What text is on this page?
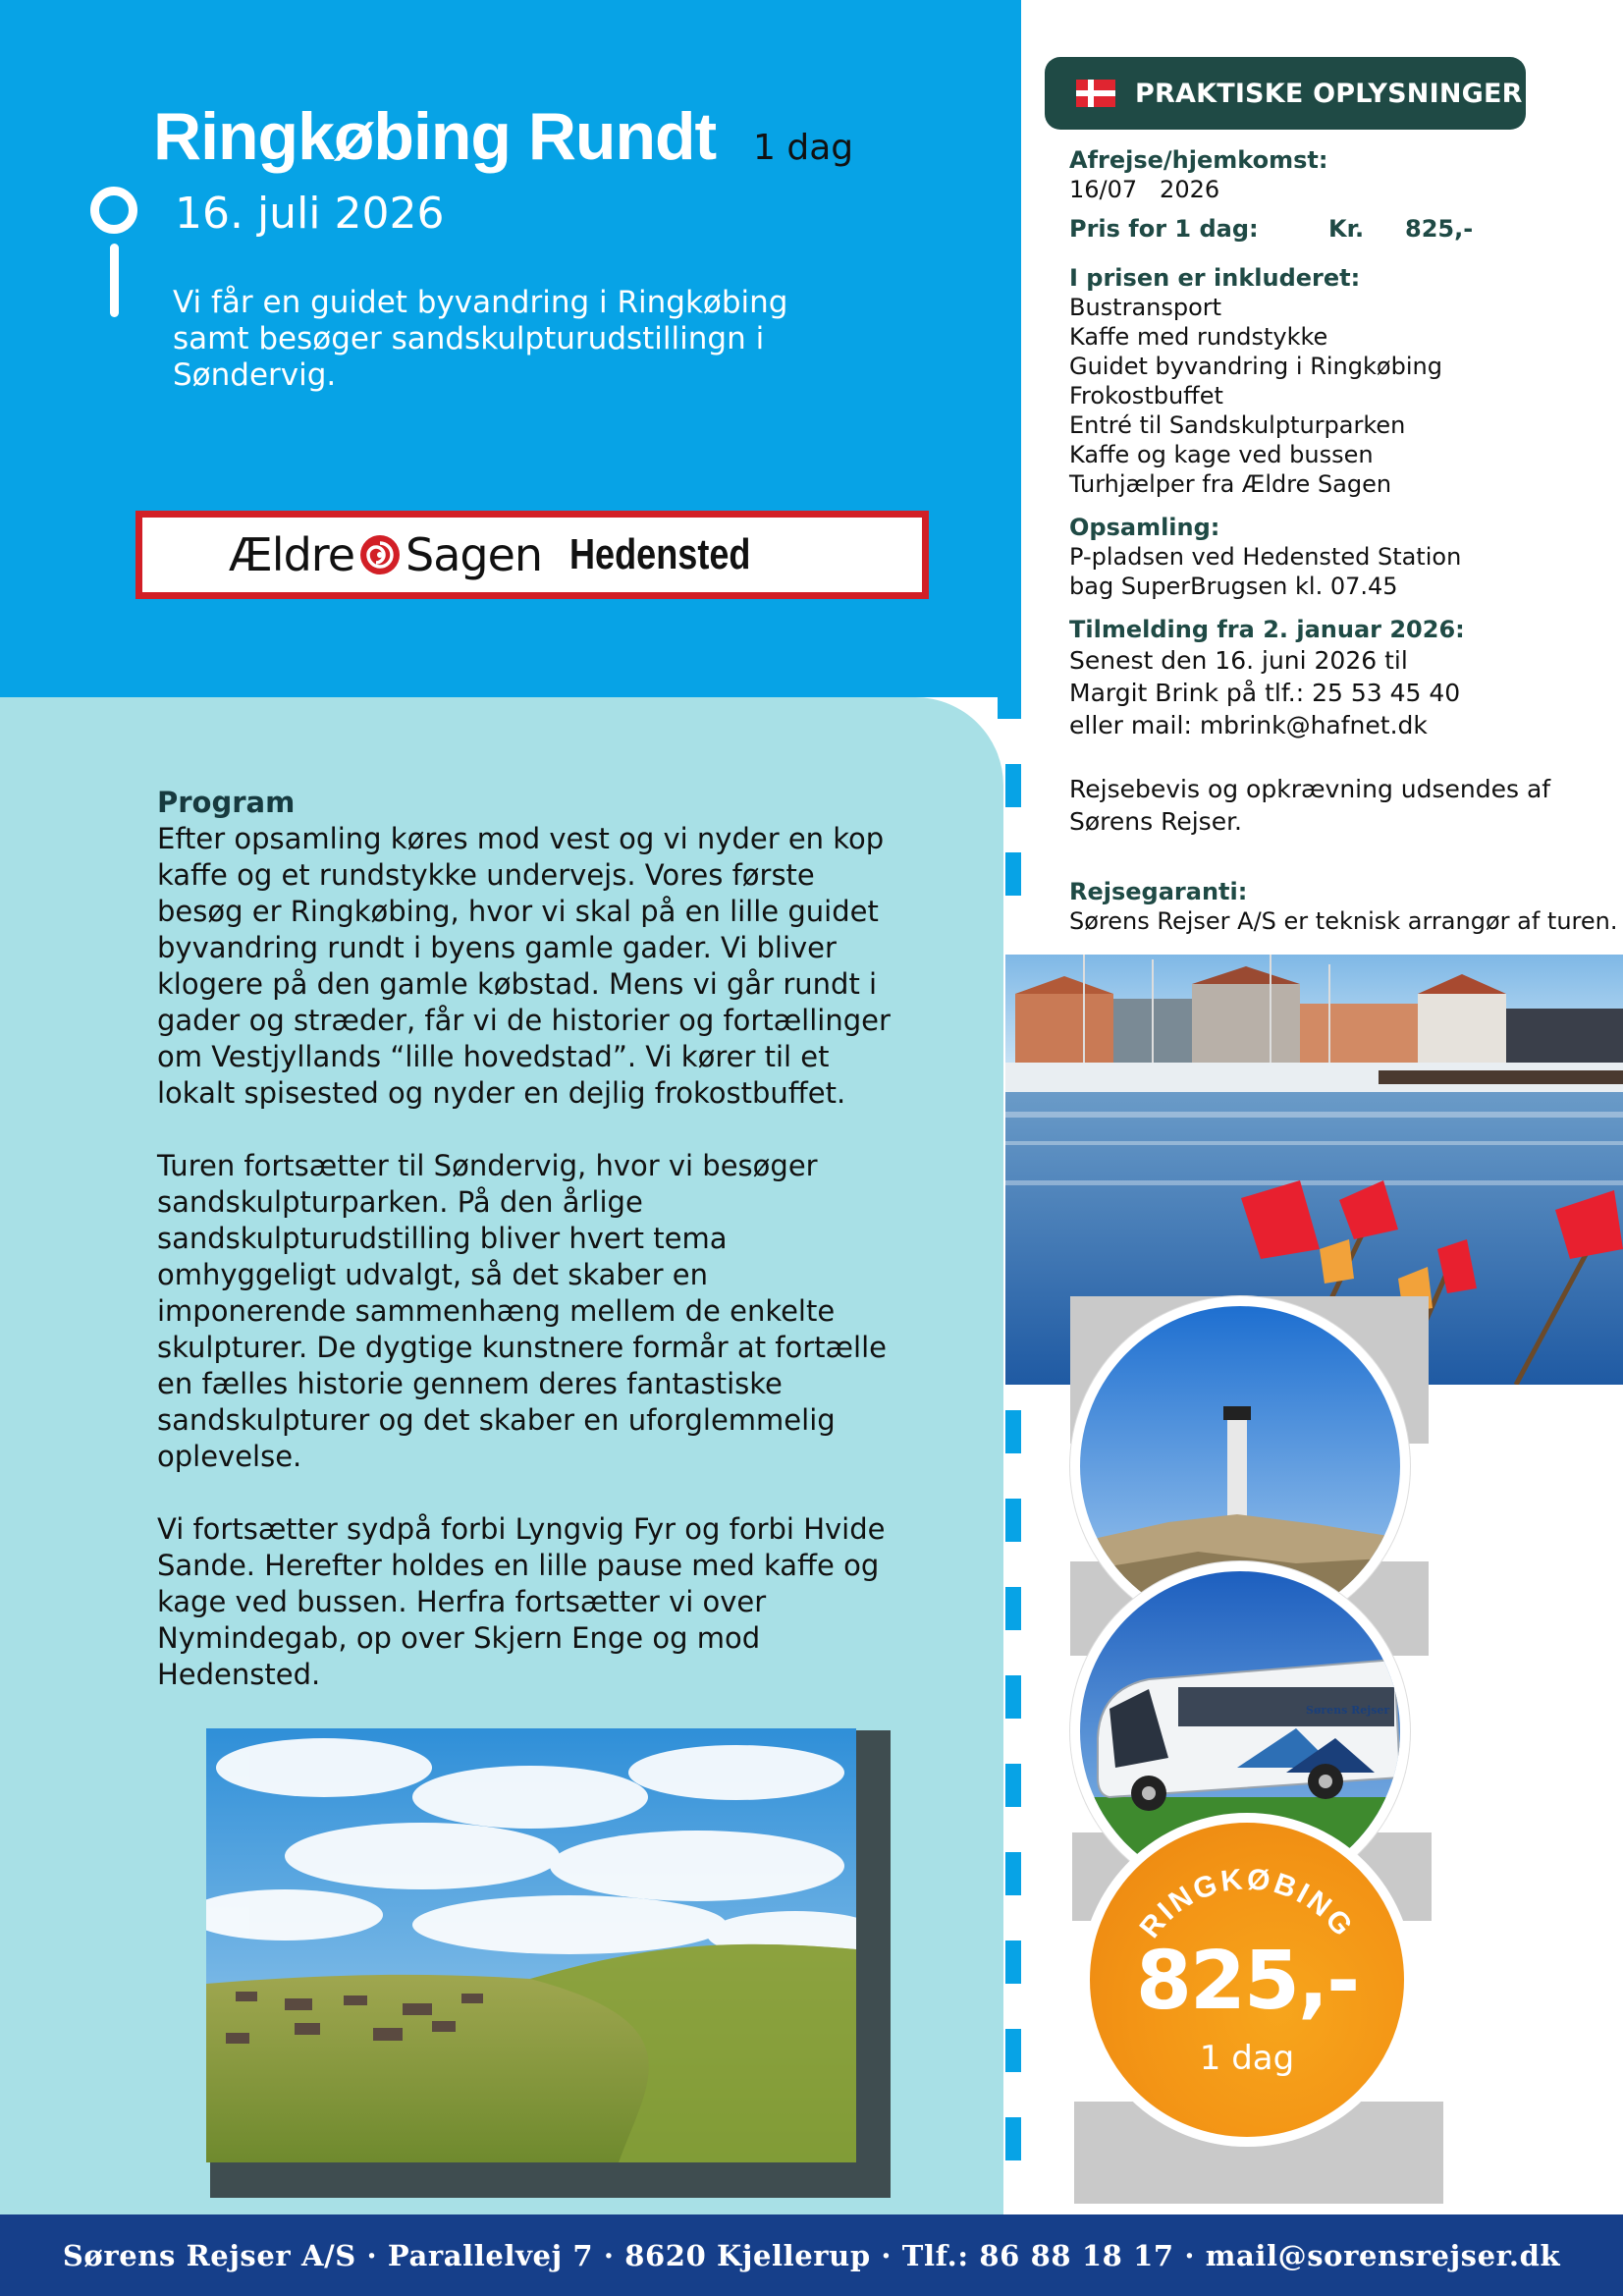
Ringkøbing Rundt 1 dag
16. juli 2026
Vi får en guidet byvandring i Ringkøbing samt besøger sandskulpturudstillingn i Søndervig.
Ældre Sagen Hedensted
Program

Efter opsamling køres mod vest og vi nyder en kop kaffe og et rundstykke undervejs. Vores første besøg er Ringkøbing, hvor vi skal på en lille guidet byvandring rundt i byens gamle gader. Vi bliver klogere på den gamle købstad. Mens vi går rundt i gader og stræder, får vi de historier og fortællinger om Vestjyllands “lille hovedstad”. Vi kører til et lokalt spisested og nyder en dejlig frokostbuffet.

Turen fortsætter til Søndervig, hvor vi besøger sandskulpturparken. På den årlige sandskulpturudstilling bliver hvert tema omhyggeligt udvalgt, så det skaber en imponerende sammenhæng mellem de enkelte skulpturer. De dygtige kunstnere formår at fortælle en fælles historie gennem deres fantastiske sandskulpturer og det skaber en uforglemmelig oplevelse.

Vi fortsætter sydpå forbi Lyngvig Fyr og forbi Hvide Sande. Herefter holdes en lille pause med kaffe og kage ved bussen. Herfra fortsætter vi over Nymindegab, op over Skjern Enge og mod Hedensted.

PRAKTISKE OPLYSNINGER
Afrejse/hjemkomst:
16/07   2026
Pris for 1 dag:	Kr.	825,-
I prisen er inkluderet:
Bustransport
Kaffe med rundstykke
Guidet byvandring i Ringkøbing
Frokostbuffet
Entré til Sandskulpturparken
Kaffe og kage ved bussen
Turhjælper fra Ældre Sagen
Opsamling:
P-pladsen ved Hedensted Station
bag SuperBrugsen kl. 07.45
Tilmelding fra 2. januar 2026:
Senest den 16. juni 2026 til
Margit Brink på tlf.: 25 53 45 40
eller mail: mbrink@hafnet.dk
Rejsebevis og opkrævning udsendes af
Sørens Rejser.
Rejsegaranti:
Sørens Rejser A/S er teknisk arrangør af turen.
Sørens Rejser
RINGKØBING
825,-
1 dag
Sørens Rejser A/S · Parallelvej 7 · 8620 Kjellerup · Tlf.: 86 88 18 17 · mail@sorensrejser.dk
